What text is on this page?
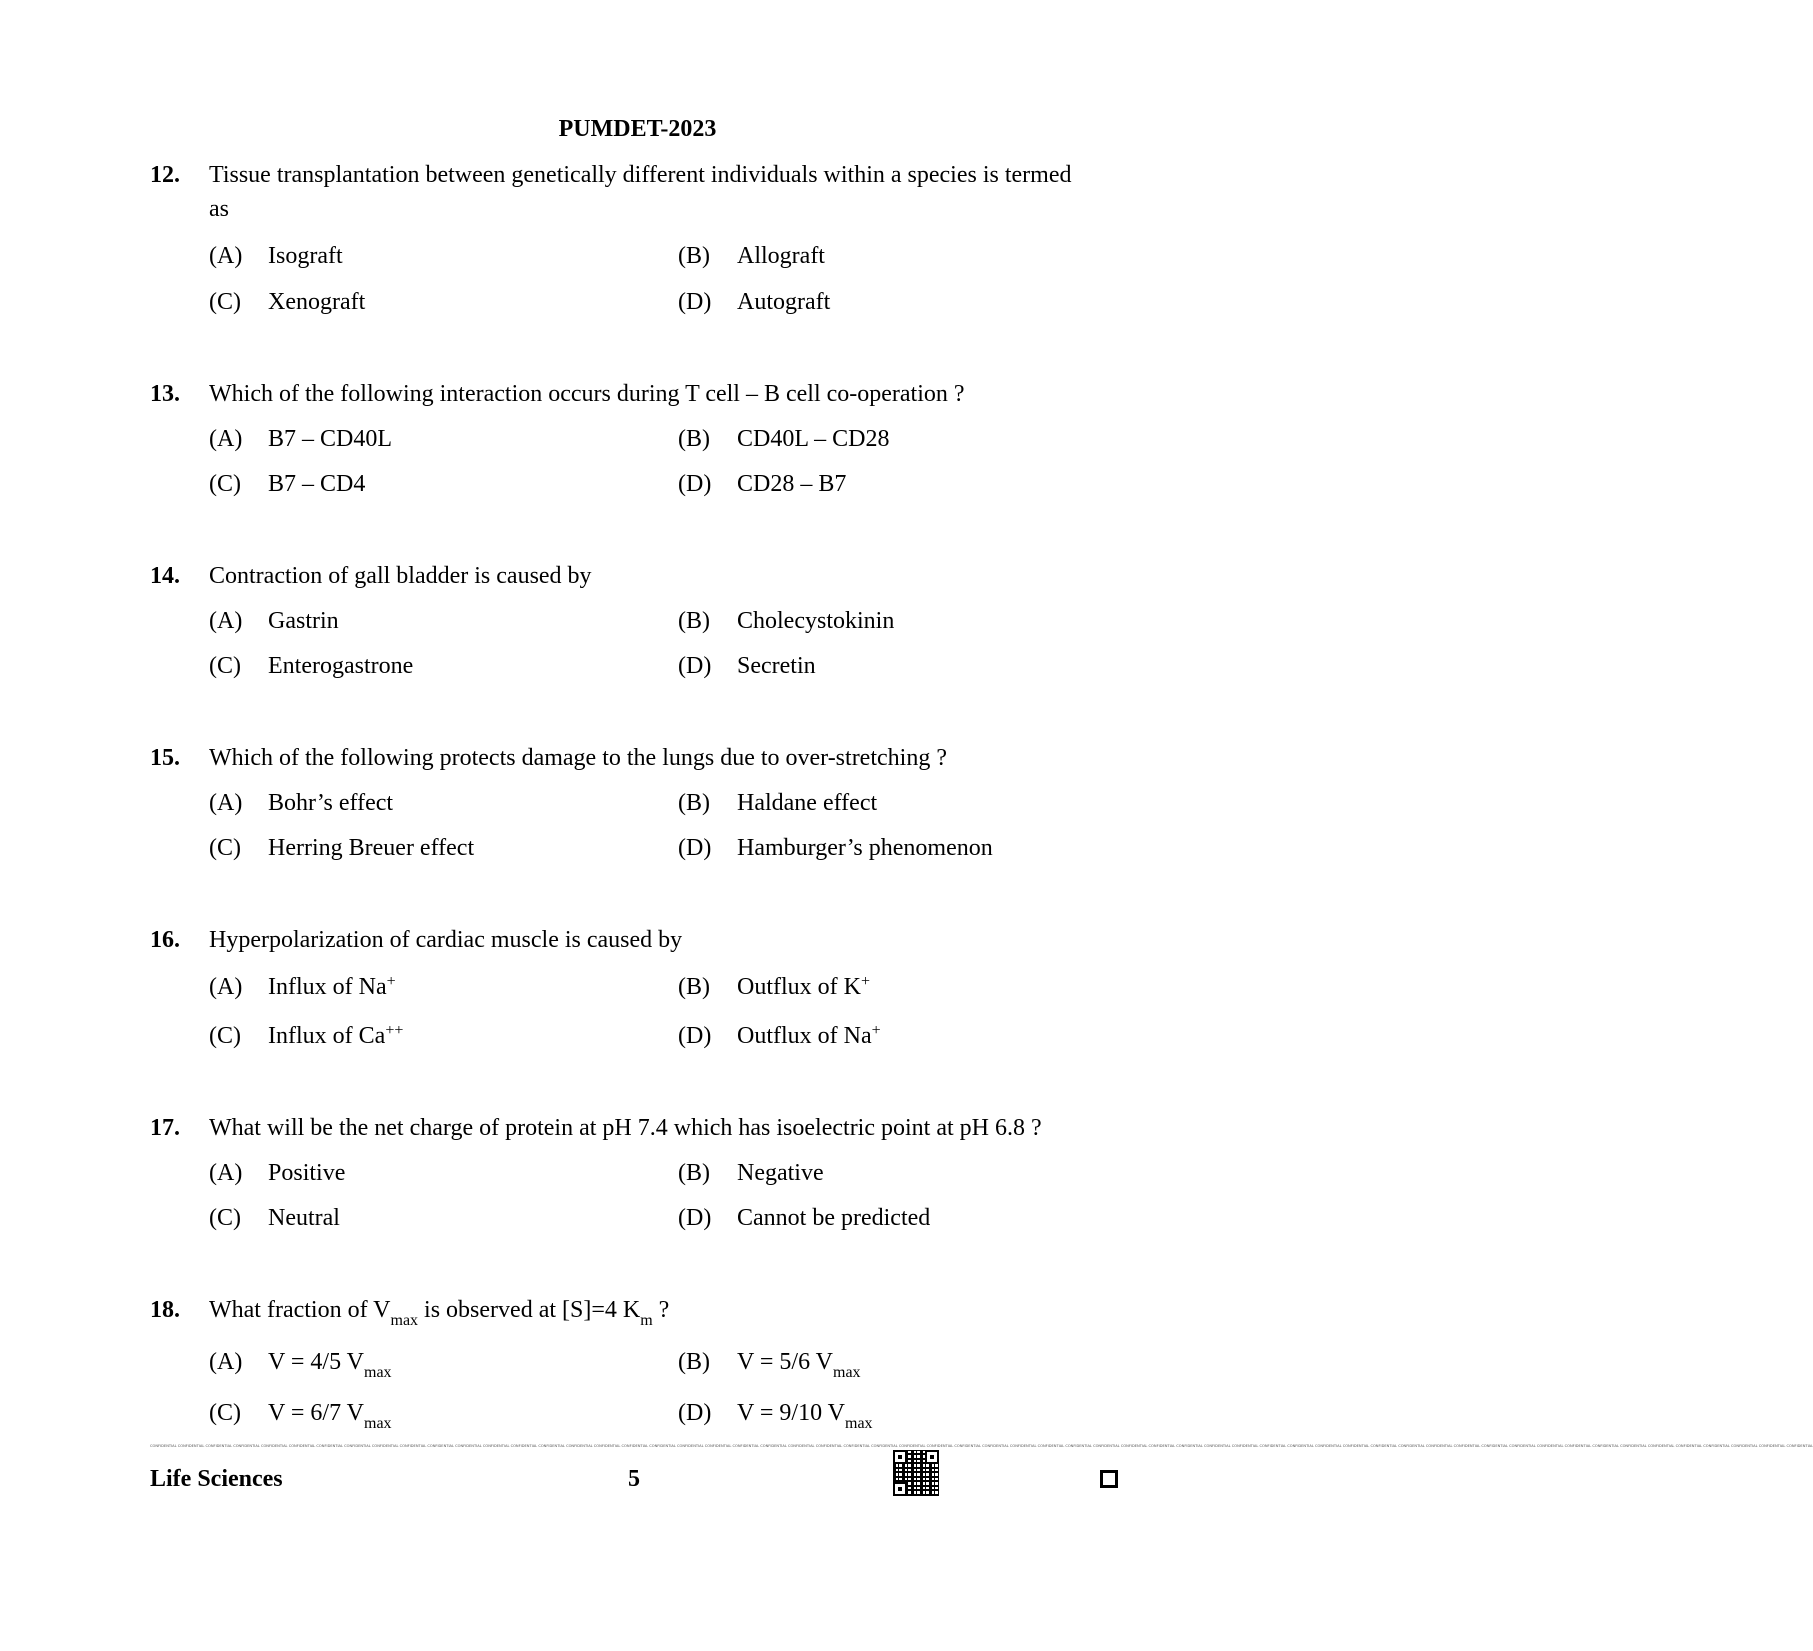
PUMDET-2023
12. Tissue transplantation between genetically different individuals within a species is termed
as
(A) Isograft	(B) Allograft
(C) Xenograft	(D) Autograft
13. Which of the following interaction occurs during T cell – B cell co-operation ?
(A) B7 – CD40L	(B) CD40L – CD28
(C) B7 – CD4	(D) CD28 – B7
14. Contraction of gall bladder is caused by
(A) Gastrin	(B) Cholecystokinin
(C) Enterogastrone	(D) Secretin
15. Which of the following protects damage to the lungs due to over-stretching ?
(A) Bohr’s effect	(B) Haldane effect
(C) Herring Breuer effect	(D) Hamburger’s phenomenon
16. Hyperpolarization of cardiac muscle is caused by
(A) Influx of Na+	(B) Outflux of K+
(C) Influx of Ca++	(D) Outflux of Na+
17. What will be the net charge of protein at pH 7.4 which has isoelectric point at pH 6.8 ?
(A) Positive	(B) Negative
(C) Neutral	(D) Cannot be predicted
18. What fraction of $V_{max}$ is observed at [S]=4 $K_m$ ?
(A) V = 4/5 $V_{max}$	(B) V = 5/6 $V_{max}$
(C) V = 6/7 $V_{max}$	(D) V = 9/10 $V_{max}$
CONFIDENTIAL CONFIDENTIAL CONFIDENTIAL CONFIDENTIAL CONFIDENTIAL CONFIDENTIAL CONFIDENTIAL CONFIDENTIAL CONFIDENTIAL CONFIDENTIAL CONFIDENTIAL CONFIDENTIAL CONFIDENTIAL CONFIDENTIAL CONFIDENTIAL CONFIDENTIAL CONFIDENTIAL CONFIDENTIAL CONFIDENTIAL CONFIDENTIAL CONFIDENTIAL CONFIDENTIAL CONFIDENTIAL CONFIDENTIAL CONFIDENTIAL CONFIDENTIAL CONFIDENTIAL CONFIDENTIAL CONFIDENTIAL CONFIDENTIAL CONFIDENTIAL CONFIDENTIAL CONFIDENTIAL CONFIDENTIAL CONFIDENTIAL CONFIDENTIAL CONFIDENTIAL CONFIDENTIAL CONFIDENTIAL CONFIDENTIAL CONFIDENTIAL CONFIDENTIAL CONFIDENTIAL CONFIDENTIAL CONFIDENTIAL CONFIDENTIAL CONFIDENTIAL CONFIDENTIAL CONFIDENTIAL CONFIDENTIAL CONFIDENTIAL CONFIDENTIAL CONFIDENTIAL CONFIDENTIAL CONFIDENTIAL CONFIDENTIAL CONFIDENTIAL CONFIDENTIAL CONFIDENTIAL CONFIDENTIAL
Life Sciences	5
